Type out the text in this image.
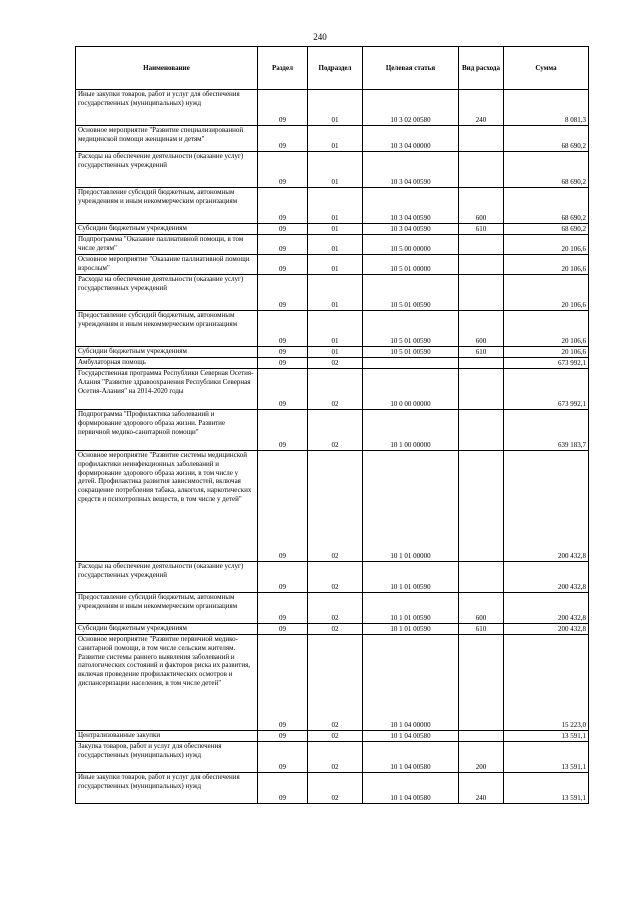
240
Наименование	Раздел	Подраздел	Целевая статья	Вид расхода	Сумма
Иные закупки товаров, работ и услуг для обеспечения государственных (муниципальных) нужд	09	01	10 3 02 00580	240	8 081,3
Основное мероприятие "Развитие специализированной медицинской помощи женщинам и детям"	09	01	10 3 04 00000		68 690,2
Расходы на обеспечение деятельности (оказание услуг) государственных учреждений	09	01	10 3 04 00590		68 690,2
Предоставление субсидий бюджетным, автономным учреждениям и иным некоммерческим организациям	09	01	10 3 04 00590	600	68 690,2
Субсидии бюджетным учреждениям	09	01	10 3 04 00590	610	68 690,2
Подпрограмма "Оказание паллиативной помощи, в том числе детям"	09	01	10 5 00 00000		20 106,6
Основное мероприятие "Оказание паллиативной помощи взрослым"	09	01	10 5 01 00000		20 106,6
Расходы на обеспечение деятельности (оказание услуг) государственных учреждений	09	01	10 5 01 00590		20 106,6
Предоставление субсидий бюджетным, автономным учреждениям и иным некоммерческим организациям	09	01	10 5 01 00590	600	20 106,6
Субсидии бюджетным учреждениям	09	01	10 5 01 00590	610	20 106,6
Амбулаторная помощь	09	02			673 992,1
Государственная программа Республики Северная Осетия-Алания "Развитие здравоохранения Республики Северная Осетия-Алания" на 2014-2020 годы	09	02	10 0 00 00000		673 992,1
Подпрограмма "Профилактика заболеваний и формирование здорового образа жизни. Развитие первичной медико-санитарной помощи"	09	02	10 1 00 00000		639 183,7
Основное мероприятие "Развитие системы медицинской профилактики неинфекционных заболеваний и формирование здорового образа жизни, в том числе у детей. Профилактика развития зависимостей, включая сокращение потребления табака, алкоголя, наркотических средств и психотропных веществ, в том числе у детей"	09	02	10 1 01 00000		200 432,8
Расходы на обеспечение деятельности (оказание услуг) государственных учреждений	09	02	10 1 01 00590		200 432,8
Предоставление субсидий бюджетным, автономным учреждениям и иным некоммерческим организациям	09	02	10 1 01 00590	600	200 432,8
Субсидии бюджетным учреждениям	09	02	10 1 01 00590	610	200 432,8
Основное мероприятие "Развитие первичной медико-санитарной помощи, в том числе сельским жителям. Развитие системы раннего выявления заболеваний и патологических состояний и факторов риска их развития, включая проведение профилактических осмотров и диспансеризации населения, в том числе детей"	09	02	10 1 04 00000		15 223,0
Централизованные закупки	09	02	10 1 04 00580		13 591,1
Закупка товаров, работ и услуг для обеспечения государственных (муниципальных) нужд	09	02	10 1 04 00580	200	13 591,1
Иные закупки товаров, работ и услуг для обеспечения государственных (муниципальных) нужд	09	02	10 1 04 00580	240	13 591,1
